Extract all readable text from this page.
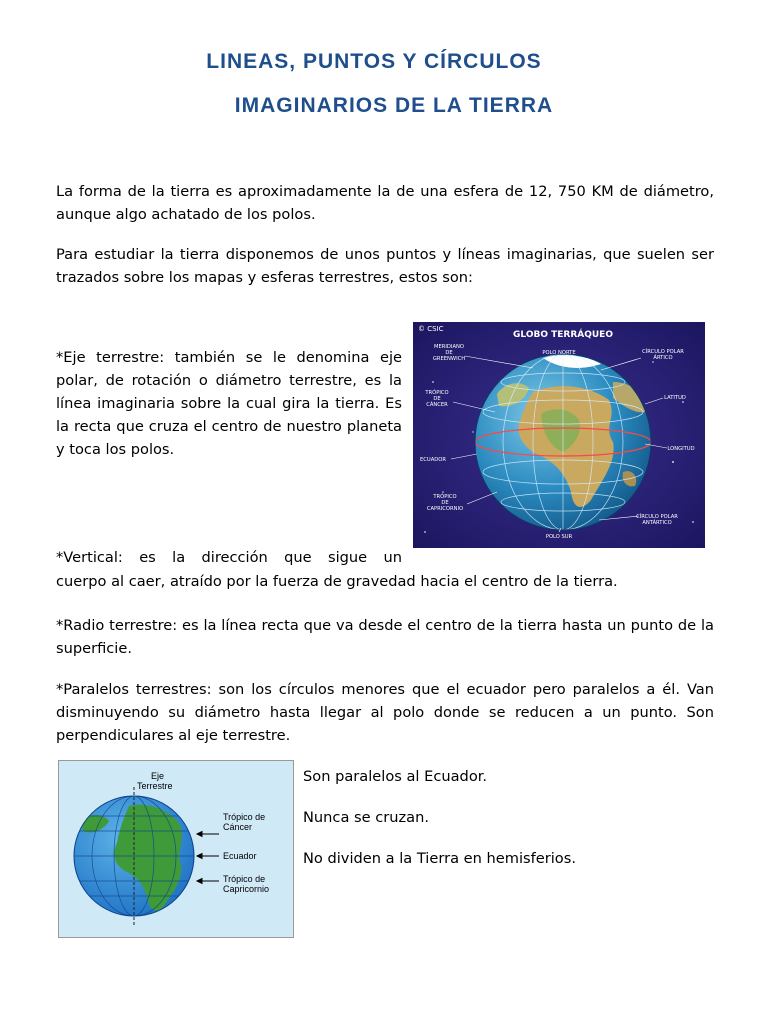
LINEAS, PUNTOS Y CÍRCULOS
IMAGINARIOS DE LA TIERRA

La forma de la tierra es aproximadamente la de una esfera de 12, 750 KM de diámetro, aunque algo achatado de los polos.

Para estudiar la tierra disponemos de unos puntos y líneas imaginarias, que suelen ser trazados sobre los mapas y esferas terrestres, estos son:

*Eje terrestre: también se le denomina eje polar, de rotación o diámetro terrestre, es la línea imaginaria sobre la cual gira la tierra. Es la recta que cruza el centro de nuestro planeta y toca los polos.

*Vertical: es la dirección que sigue un

cuerpo al caer, atraído por la fuerza de gravedad hacia el centro de la tierra.

*Radio terrestre: es la línea recta que va desde el centro de la tierra hasta un punto de la superficie.

*Paralelos terrestres: son los círculos menores que el ecuador pero paralelos a él. Van disminuyendo su diámetro hasta llegar al polo donde se reducen a un punto. Son perpendiculares al eje terrestre.

Son paralelos al Ecuador.

Nunca se cruzan.

No dividen a la Tierra en hemisferios.

© CSIC
GLOBO TERRÁQUEO
MERIDIANO DE GREENWICH
POLO NORTE	CÍRCULO POLAR ÁRTICO
TRÓPICO DE CÁNCER
LATITUD
ECUADOR
LONGITUD
TRÓPICO DE CAPRICORNIO
CÍRCULO POLAR ANTÁRTICO
POLO SUR
Eje Terrestre
Trópico de Cáncer
Ecuador
Trópico de Capricornio
